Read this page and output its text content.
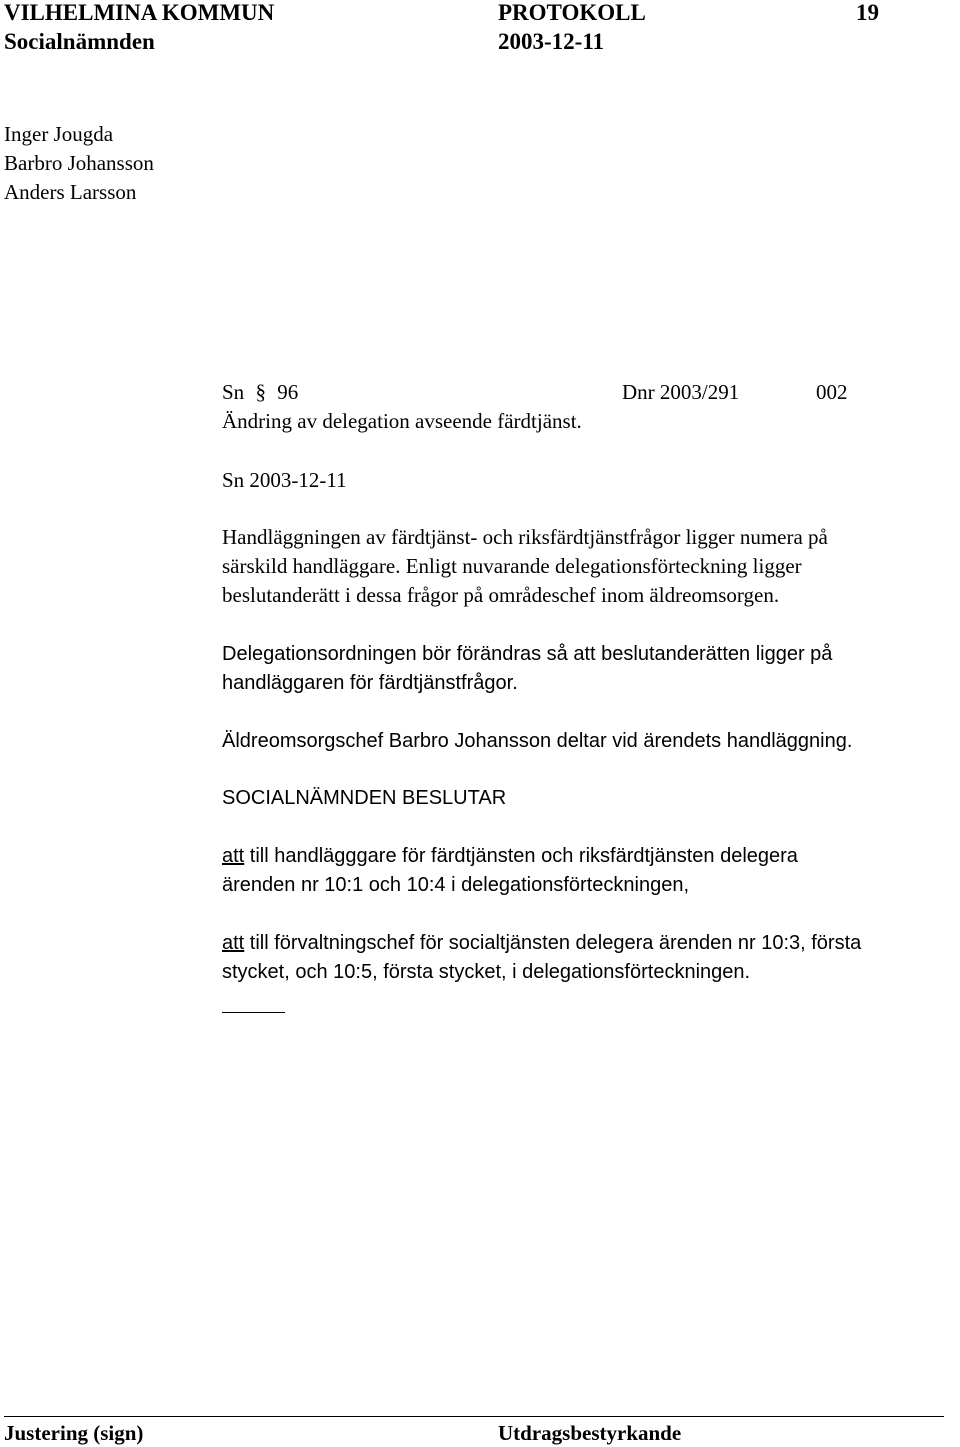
VILHELMINA KOMMUN	PROTOKOLL	19
Socialnämnden	2003-12-11
Inger Jougda
Barbro Johansson
Anders Larsson
Sn § 96	Dnr 2003/291	002
Ändring av delegation avseende färdtjänst.
Sn 2003-12-11
Handläggningen av färdtjänst- och riksfärdtjänstfrågor ligger numera på
särskild handläggare. Enligt nuvarande delegationsförteckning ligger
beslutanderätt i dessa frågor på områdeschef inom äldreomsorgen.
Delegationsordningen bör förändras så att beslutanderätten ligger på
handläggaren för färdtjänstfrågor.
Äldreomsorgschef Barbro Johansson deltar vid ärendets handläggning.
SOCIALNÄMNDEN BESLUTAR
att till handlägggare för färdtjänsten och riksfärdtjänsten delegera
ärenden nr 10:1 och 10:4 i delegationsförteckningen,
att till förvaltningschef för socialtjänsten delegera ärenden nr 10:3, första
stycket, och 10:5, första stycket, i delegationsförteckningen.
Justering (sign)	Utdragsbestyrkande
